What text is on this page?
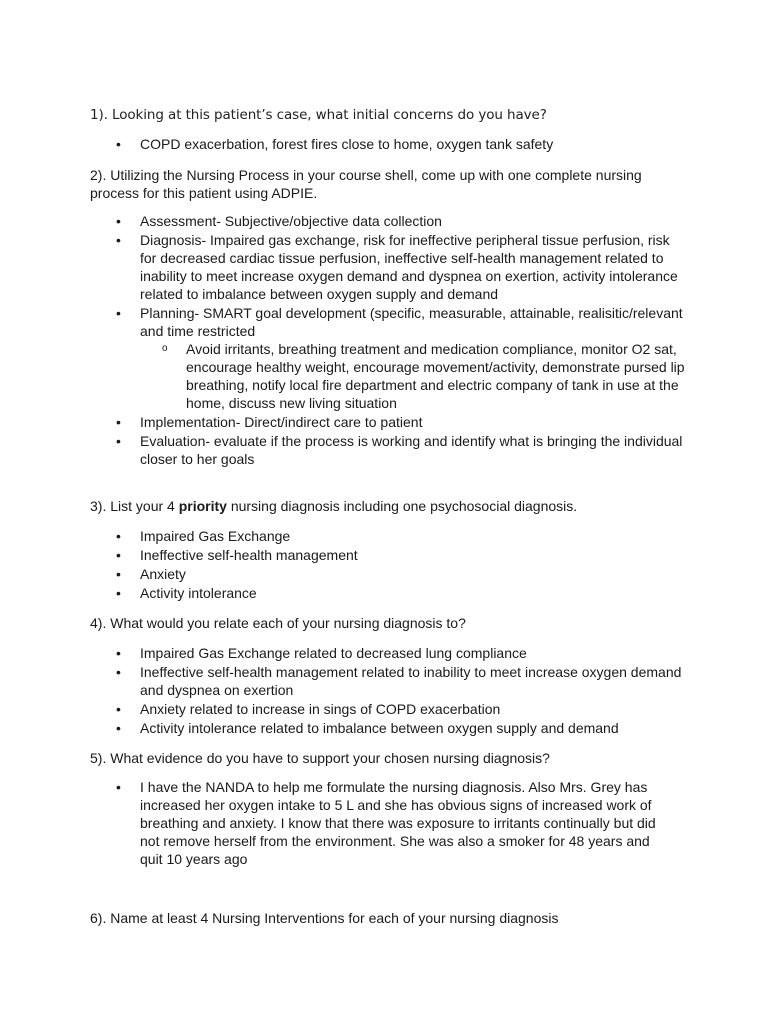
1). Looking at this patient’s case, what initial concerns do you have?

• COPD exacerbation, forest fires close to home, oxygen tank safety

2). Utilizing the Nursing Process in your course shell, come up with one complete nursing process for this patient using ADPIE.

• Assessment- Subjective/objective data collection
• Diagnosis- Impaired gas exchange, risk for ineffective peripheral tissue perfusion, risk for decreased cardiac tissue perfusion, ineffective self-health management related to inability to meet increase oxygen demand and dyspnea on exertion, activity intolerance related to imbalance between oxygen supply and demand
• Planning- SMART goal development (specific, measurable, attainable, realisitic/relevant and time restricted
o Avoid irritants, breathing treatment and medication compliance, monitor O2 sat, encourage healthy weight, encourage movement/activity, demonstrate pursed lip breathing, notify local fire department and electric company of tank in use at the home, discuss new living situation
• Implementation- Direct/indirect care to patient
• Evaluation- evaluate if the process is working and identify what is bringing the individual closer to her goals

3). List your 4 priority nursing diagnosis including one psychosocial diagnosis.

• Impaired Gas Exchange
• Ineffective self-health management
• Anxiety
• Activity intolerance

4). What would you relate each of your nursing diagnosis to?

• Impaired Gas Exchange related to decreased lung compliance
• Ineffective self-health management related to inability to meet increase oxygen demand and dyspnea on exertion
• Anxiety related to increase in sings of COPD exacerbation
• Activity intolerance related to imbalance between oxygen supply and demand

5). What evidence do you have to support your chosen nursing diagnosis?

• I have the NANDA to help me formulate the nursing diagnosis. Also Mrs. Grey has increased her oxygen intake to 5 L and she has obvious signs of increased work of breathing and anxiety. I know that there was exposure to irritants continually but did not remove herself from the environment. She was also a smoker for 48 years and quit 10 years ago

6). Name at least 4 Nursing Interventions for each of your nursing diagnosis
